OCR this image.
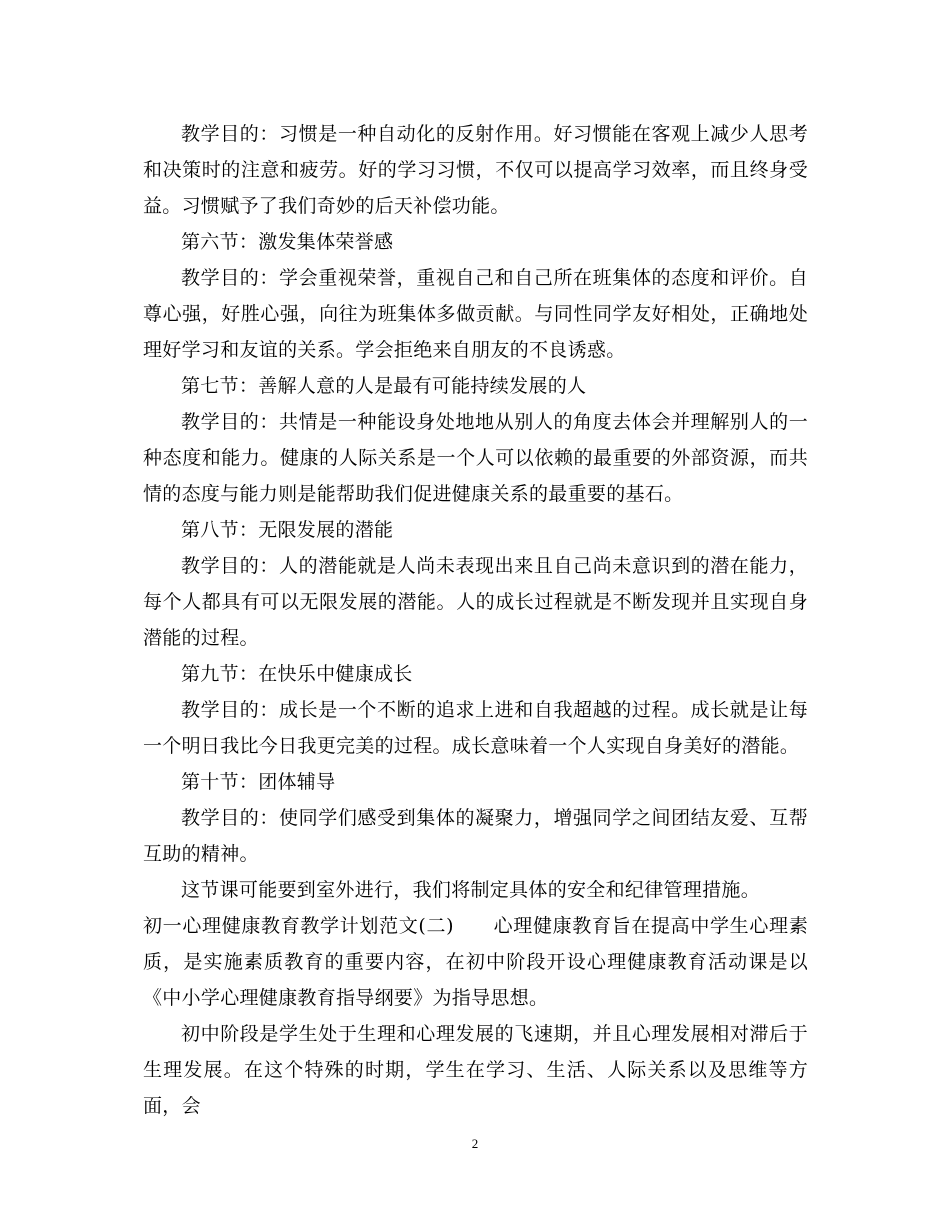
教学目的：习惯是一种自动化的反射作用。好习惯能在客观上减少人思考和决策时的注意和疲劳。好的学习习惯，不仅可以提高学习效率，而且终身受益。习惯赋予了我们奇妙的后天补偿功能。

第六节：激发集体荣誉感

教学目的：学会重视荣誉，重视自己和自己所在班集体的态度和评价。自尊心强，好胜心强，向往为班集体多做贡献。与同性同学友好相处，正确地处理好学习和友谊的关系。学会拒绝来自朋友的不良诱惑。

第七节：善解人意的人是最有可能持续发展的人

教学目的：共情是一种能设身处地地从别人的角度去体会并理解别人的一种态度和能力。健康的人际关系是一个人可以依赖的最重要的外部资源，而共情的态度与能力则是能帮助我们促进健康关系的最重要的基石。

第八节：无限发展的潜能

教学目的：人的潜能就是人尚未表现出来且自己尚未意识到的潜在能力，每个人都具有可以无限发展的潜能。人的成长过程就是不断发现并且实现自身潜能的过程。

第九节：在快乐中健康成长

教学目的：成长是一个不断的追求上进和自我超越的过程。成长就是让每一个明日我比今日我更完美的过程。成长意味着一个人实现自身美好的潜能。

第十节：团体辅导

教学目的：使同学们感受到集体的凝聚力，增强同学之间团结友爱、互帮互助的精神。

这节课可能要到室外进行，我们将制定具体的安全和纪律管理措施。

初一心理健康教育教学计划范文(二)　　心理健康教育旨在提高中学生心理素质，是实施素质教育的重要内容，在初中阶段开设心理健康教育活动课是以《中小学心理健康教育指导纲要》为指导思想。

初中阶段是学生处于生理和心理发展的飞速期，并且心理发展相对滞后于生理发展。在这个特殊的时期，学生在学习、生活、人际关系以及思维等方面，会

2
